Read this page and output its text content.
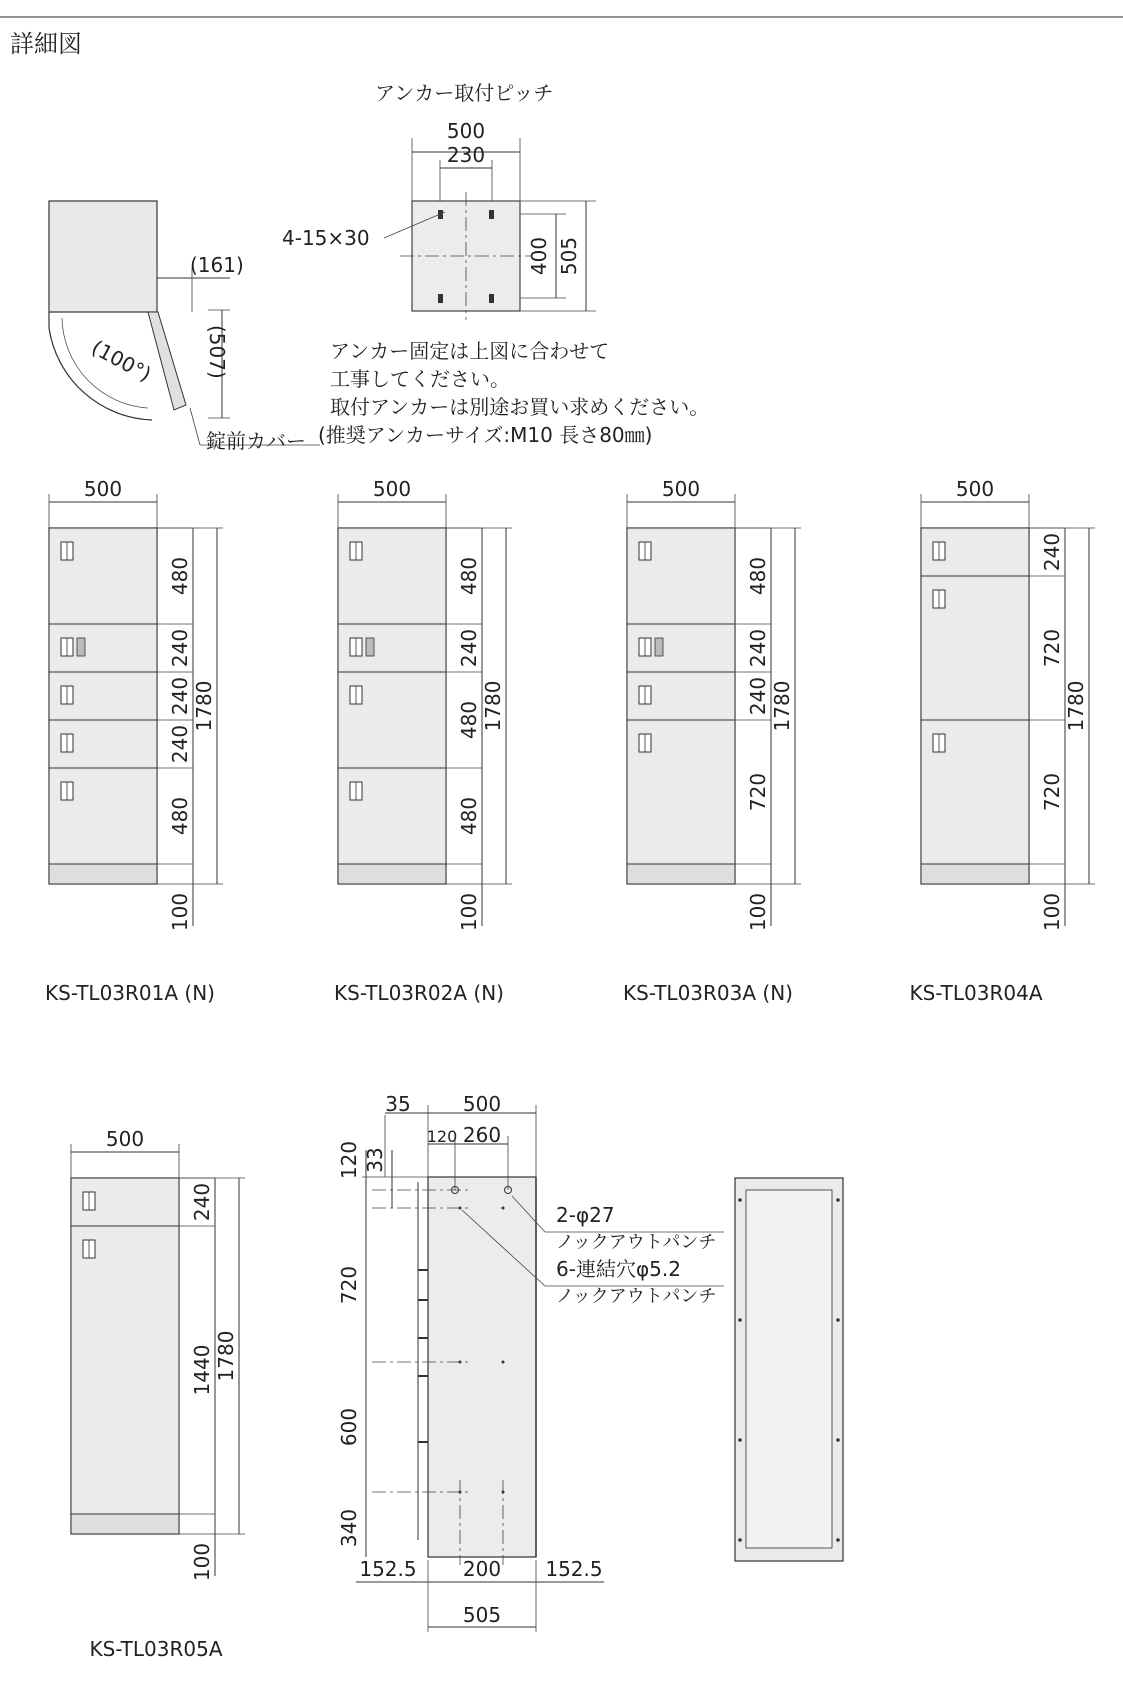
詳細図
(161)
(100°) (507)
錠前カバー
アンカー取付ピッチ
500
230
4-15×30	400 505
アンカー固定は上図に合わせて
工事してください。
取付アンカーは別途お買い求めください。
(推奨アンカーサイズ:M10 長さ80㎜)
480
240
240
240
480
100
1780
500
KS-TL03R01A (N)
480
240
480
480
100
1780
500
KS-TL03R02A (N)
480
240
240
720
100
1780
500
KS-TL03R03A (N)
240
720
720
100
1780
500
KS-TL03R04A
240
1440
100
1780
500
KS-TL03R05A
35	500
120 260
120 33
720
600
340
2-φ27
ノックアウトパンチ
6-連結穴φ5.2
ノックアウトパンチ
152.5 200 152.5
505
